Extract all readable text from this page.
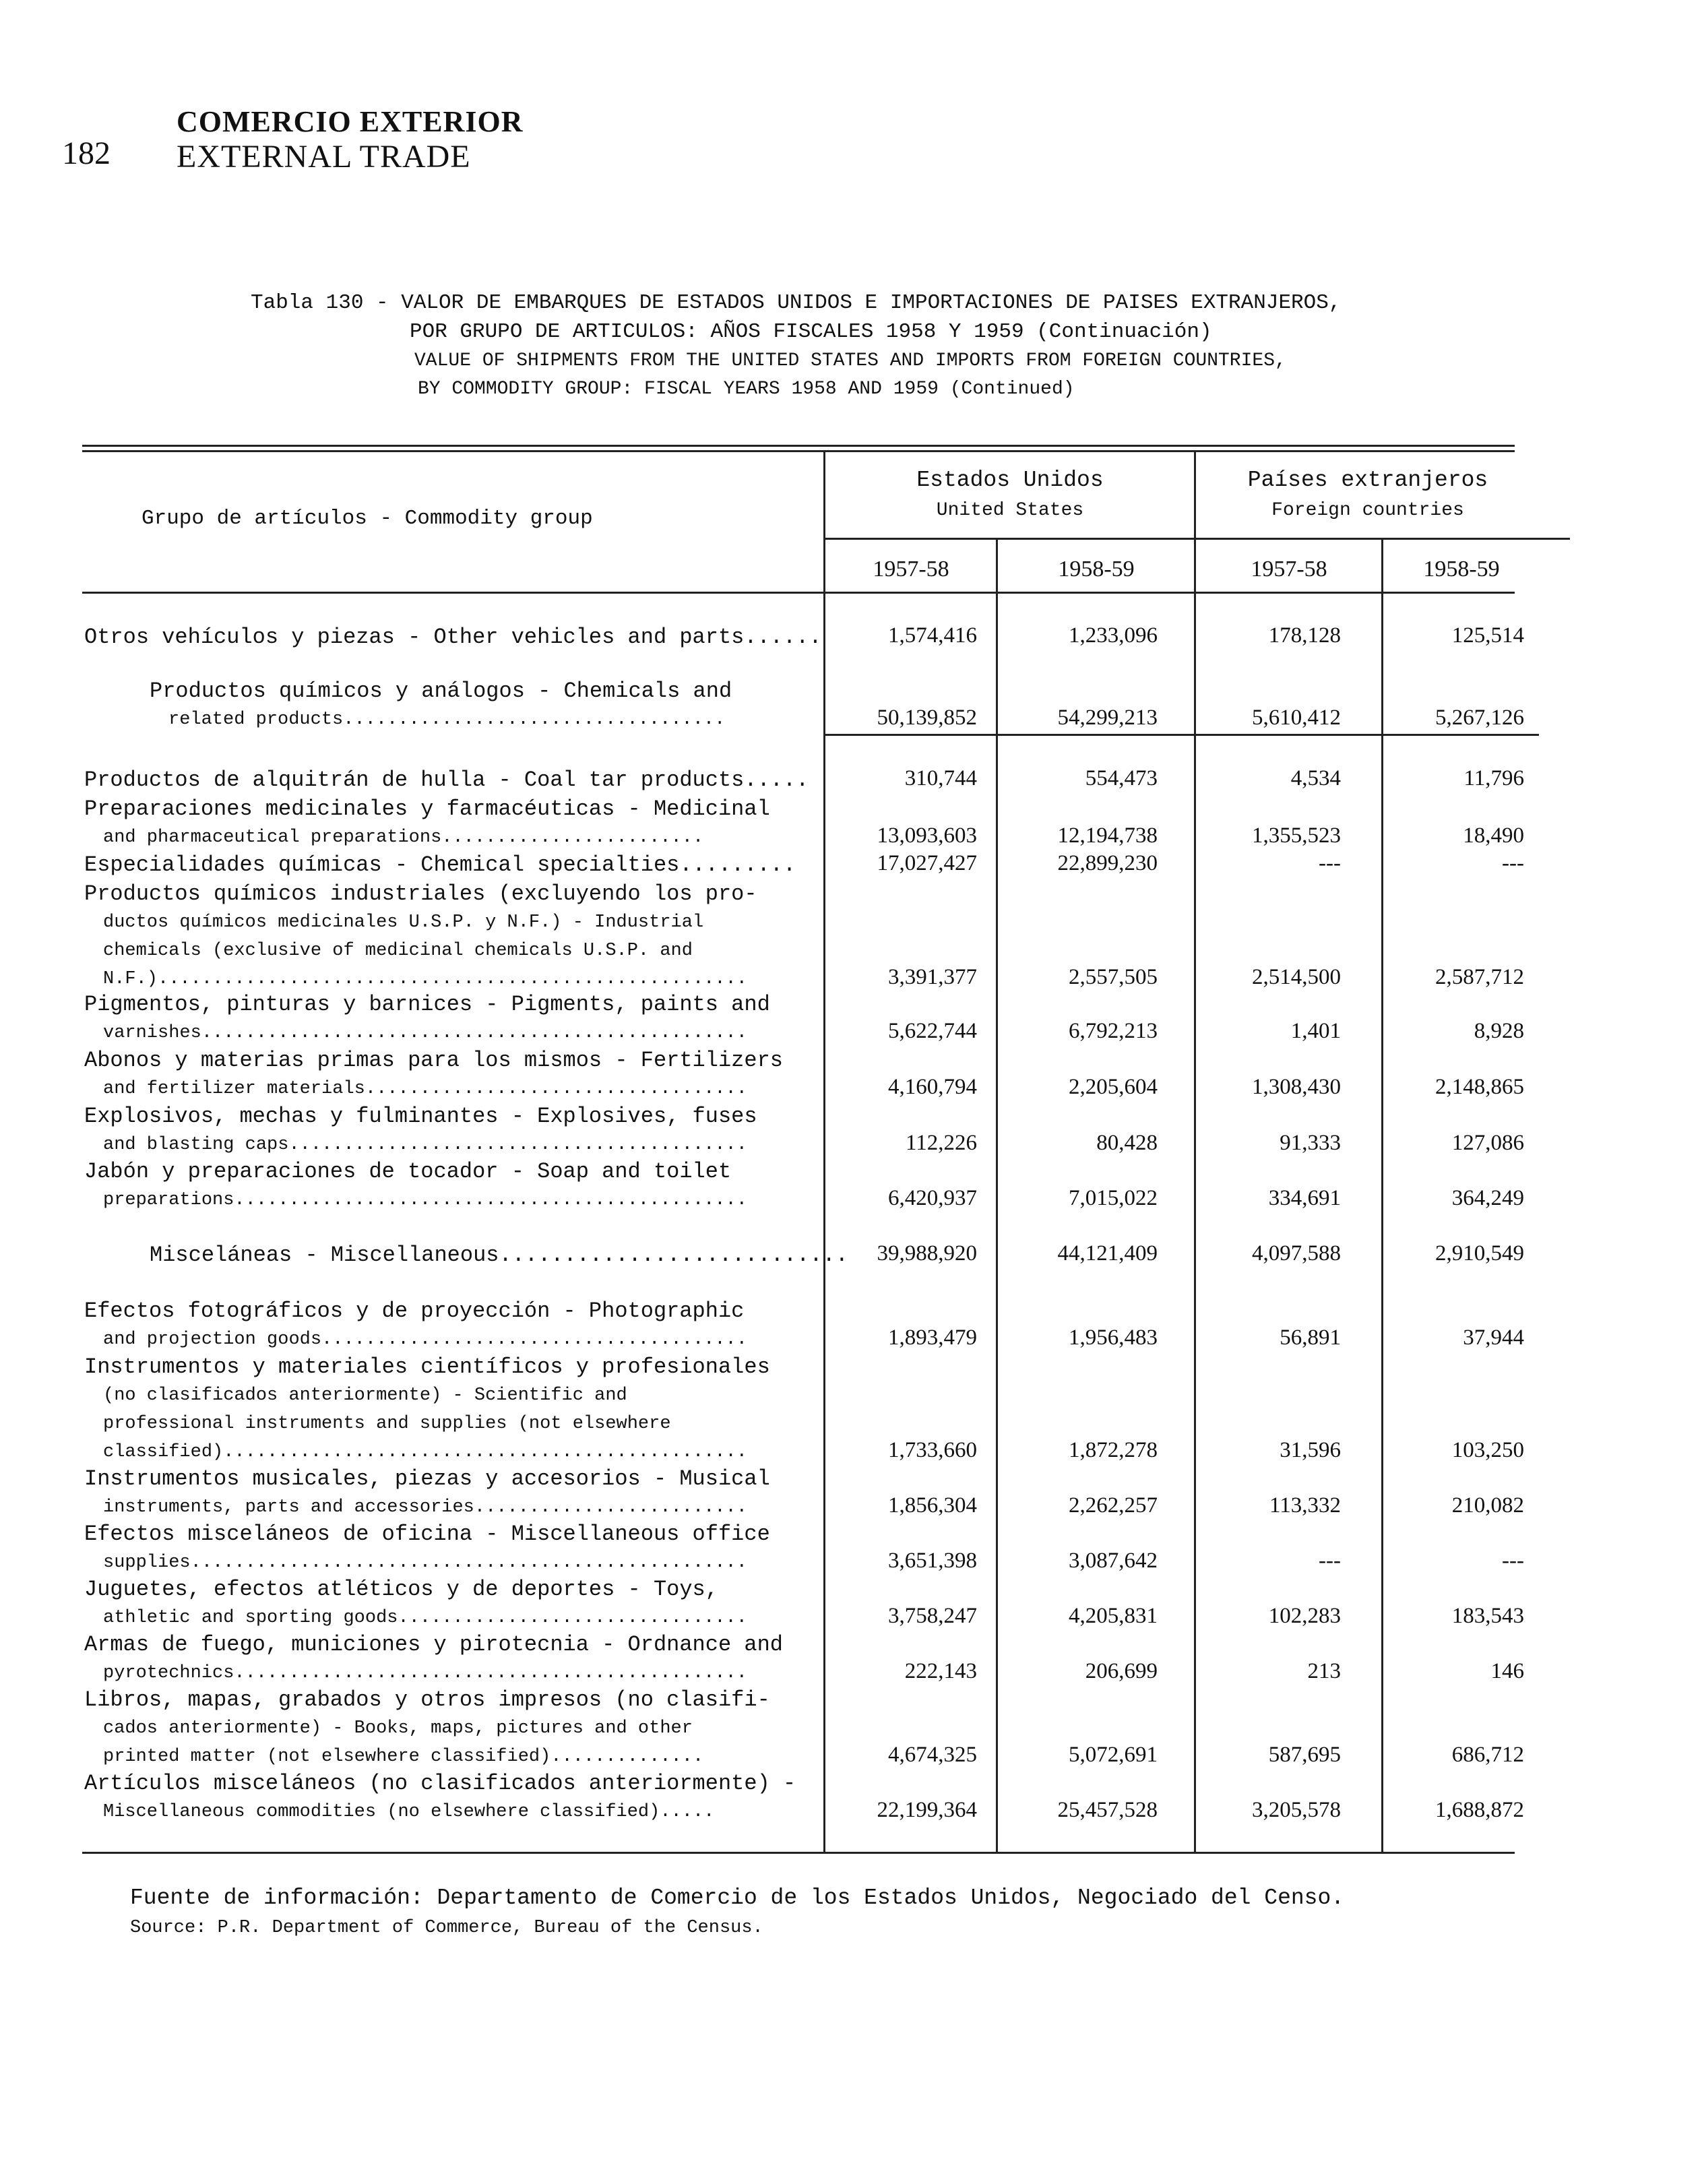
182
COMERCIO EXTERIOR
EXTERNAL TRADE
Tabla 130 - VALOR DE EMBARQUES DE ESTADOS UNIDOS E IMPORTACIONES DE PAISES EXTRANJEROS,
POR GRUPO DE ARTICULOS: AÑOS FISCALES 1958 Y 1959 (Continuación)
VALUE OF SHIPMENTS FROM THE UNITED STATES AND IMPORTS FROM FOREIGN COUNTRIES,
BY COMMODITY GROUP: FISCAL YEARS 1958 AND 1959 (Continued)
Grupo de artículos - Commodity group
Estados Unidos
United States
Países extranjeros
Foreign countries
1957-58	1958-59	1957-58	1958-59
Otros vehículos y piezas - Other vehicles and parts......	1,574,416	1,233,096	178,128	125,514
Productos químicos y análogos - Chemicals and
related products...................................	50,139,852	54,299,213	5,610,412	5,267,126
Productos de alquitrán de hulla - Coal tar products.....	310,744	554,473	4,534	11,796
Preparaciones medicinales y farmacéuticas - Medicinal
and pharmaceutical preparations........................	13,093,603	12,194,738	1,355,523	18,490
Especialidades químicas - Chemical specialties.........	17,027,427	22,899,230	---	---
Productos químicos industriales (excluyendo los pro-
ductos químicos medicinales U.S.P. y N.F.) - Industrial
chemicals (exclusive of medicinal chemicals U.S.P. and
N.F.)......................................................	3,391,377	2,557,505	2,514,500	2,587,712
Pigmentos, pinturas y barnices - Pigments, paints and
varnishes..................................................	5,622,744	6,792,213	1,401	8,928
Abonos y materias primas para los mismos - Fertilizers
and fertilizer materials...................................	4,160,794	2,205,604	1,308,430	2,148,865
Explosivos, mechas y fulminantes - Explosives, fuses
and blasting caps..........................................	112,226	80,428	91,333	127,086
Jabón y preparaciones de tocador - Soap and toilet
preparations...............................................	6,420,937	7,015,022	334,691	364,249
Misceláneas - Miscellaneous........................... 39,988,920	44,121,409	4,097,588	2,910,549
Efectos fotográficos y de proyección - Photographic
and projection goods.......................................	1,893,479	1,956,483	56,891	37,944
Instrumentos y materiales científicos y profesionales
(no clasificados anteriormente) - Scientific and
professional instruments and supplies (not elsewhere
classified)................................................	1,733,660	1,872,278	31,596	103,250
Instrumentos musicales, piezas y accesorios - Musical
instruments, parts and accessories.........................	1,856,304	2,262,257	113,332	210,082
Efectos misceláneos de oficina - Miscellaneous office
supplies...................................................	3,651,398	3,087,642	---	---
Juguetes, efectos atléticos y de deportes - Toys,
athletic and sporting goods................................	3,758,247	4,205,831	102,283	183,543
Armas de fuego, municiones y pirotecnia - Ordnance and
pyrotechnics...............................................	222,143	206,699	213	146
Libros, mapas, grabados y otros impresos (no clasifi-
cados anteriormente) - Books, maps, pictures and other
printed matter (not elsewhere classified)..............	4,674,325	5,072,691	587,695	686,712
Artículos misceláneos (no clasificados anteriormente) -
Miscellaneous commodities (no elsewhere classified).....	22,199,364	25,457,528	3,205,578	1,688,872
Fuente de información: Departamento de Comercio de los Estados Unidos, Negociado del Censo.
Source: P.R. Department of Commerce, Bureau of the Census.
